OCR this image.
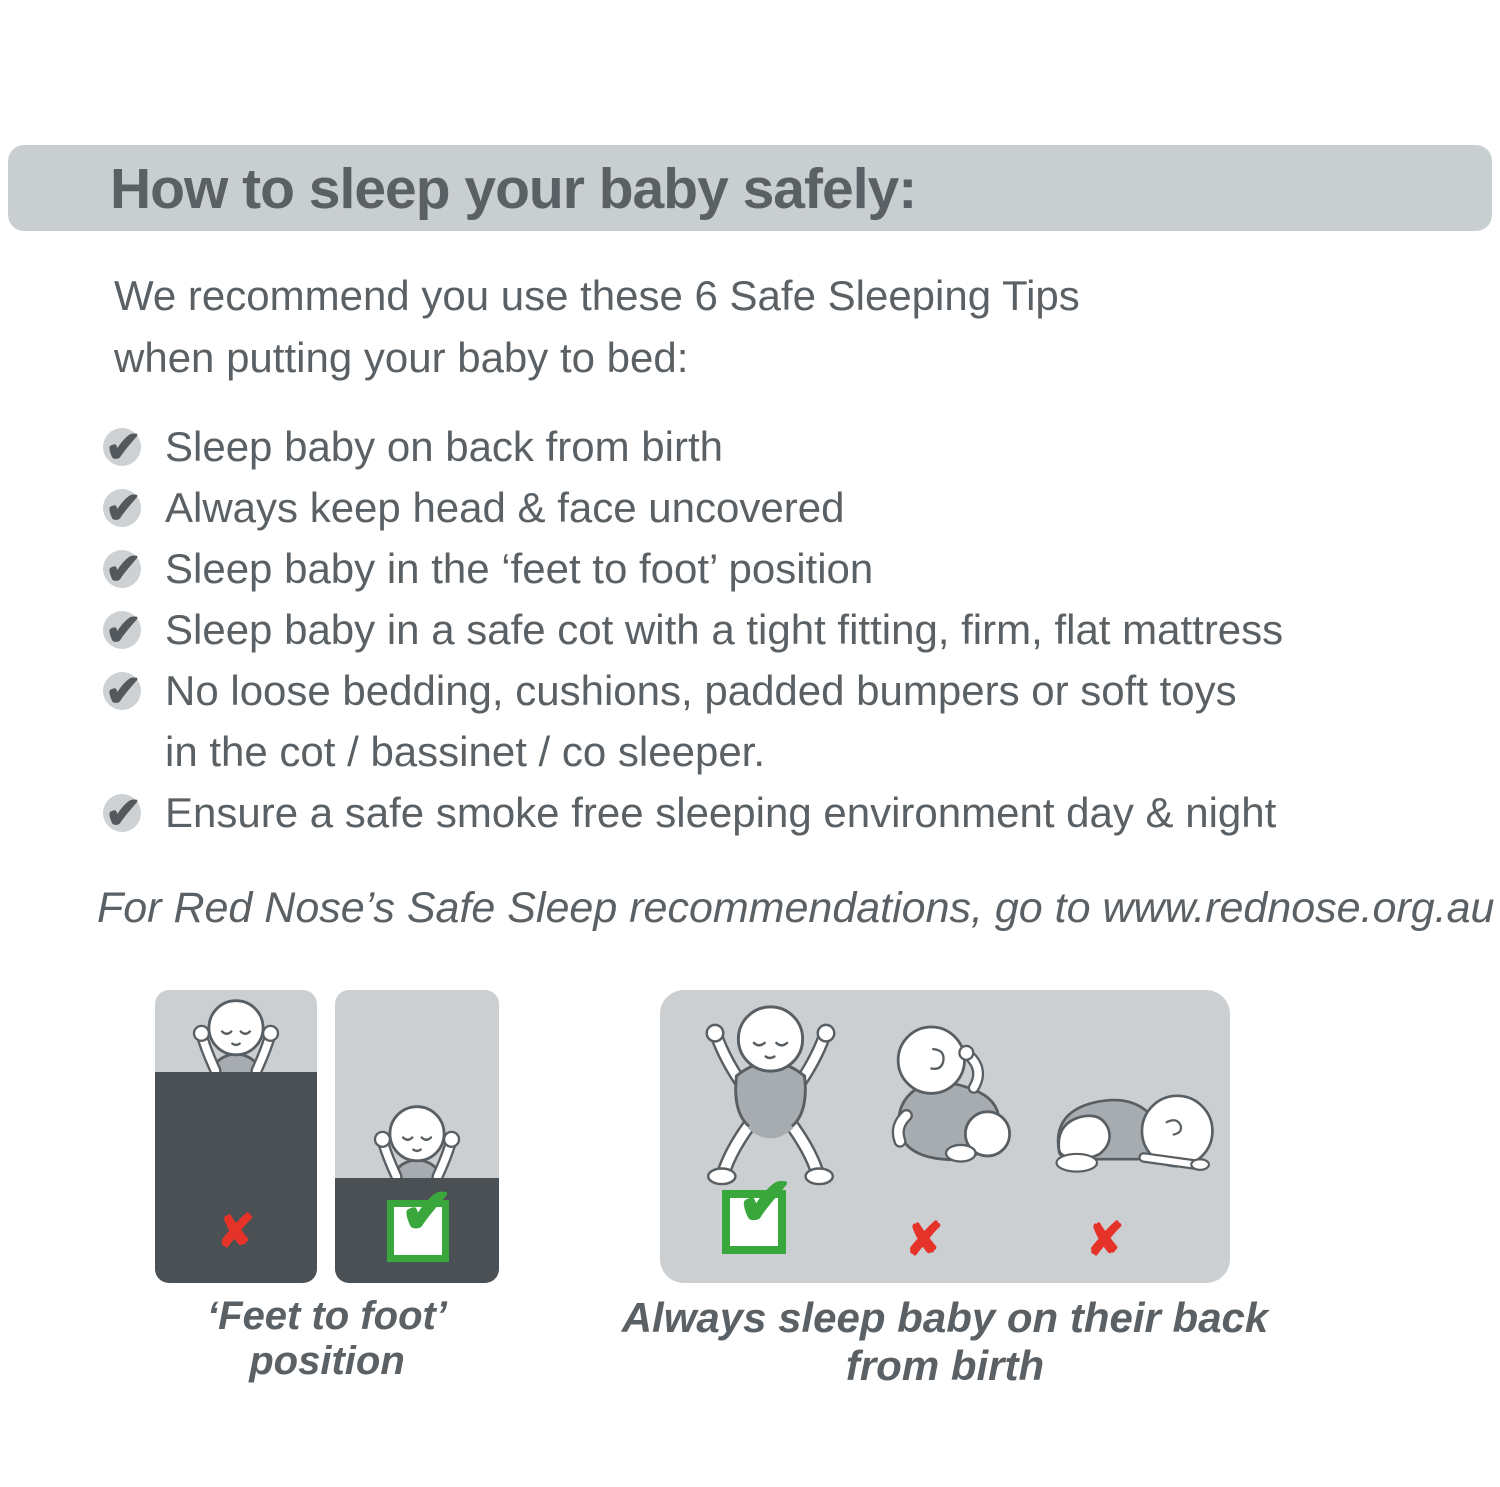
How to sleep your baby safely:
We recommend you use these 6 Safe Sleeping Tips
when putting your baby to bed:
✔ Sleep baby on back from birth
✔ Always keep head & face uncovered
✔ Sleep baby in the ‘feet to foot’ position
✔ Sleep baby in a safe cot with a tight fitting, firm, flat mattress
✔ No loose bedding, cushions, padded bumpers or soft toys
in the cot / bassinet / co sleeper.
✔ Ensure a safe smoke free sleeping environment day & night
For Red Nose’s Safe Sleep recommendations, go to www.rednose.org.au
✘	✔
‘Feet to foot’ position
✔ ✘	✘
Always sleep baby on their back from birth
